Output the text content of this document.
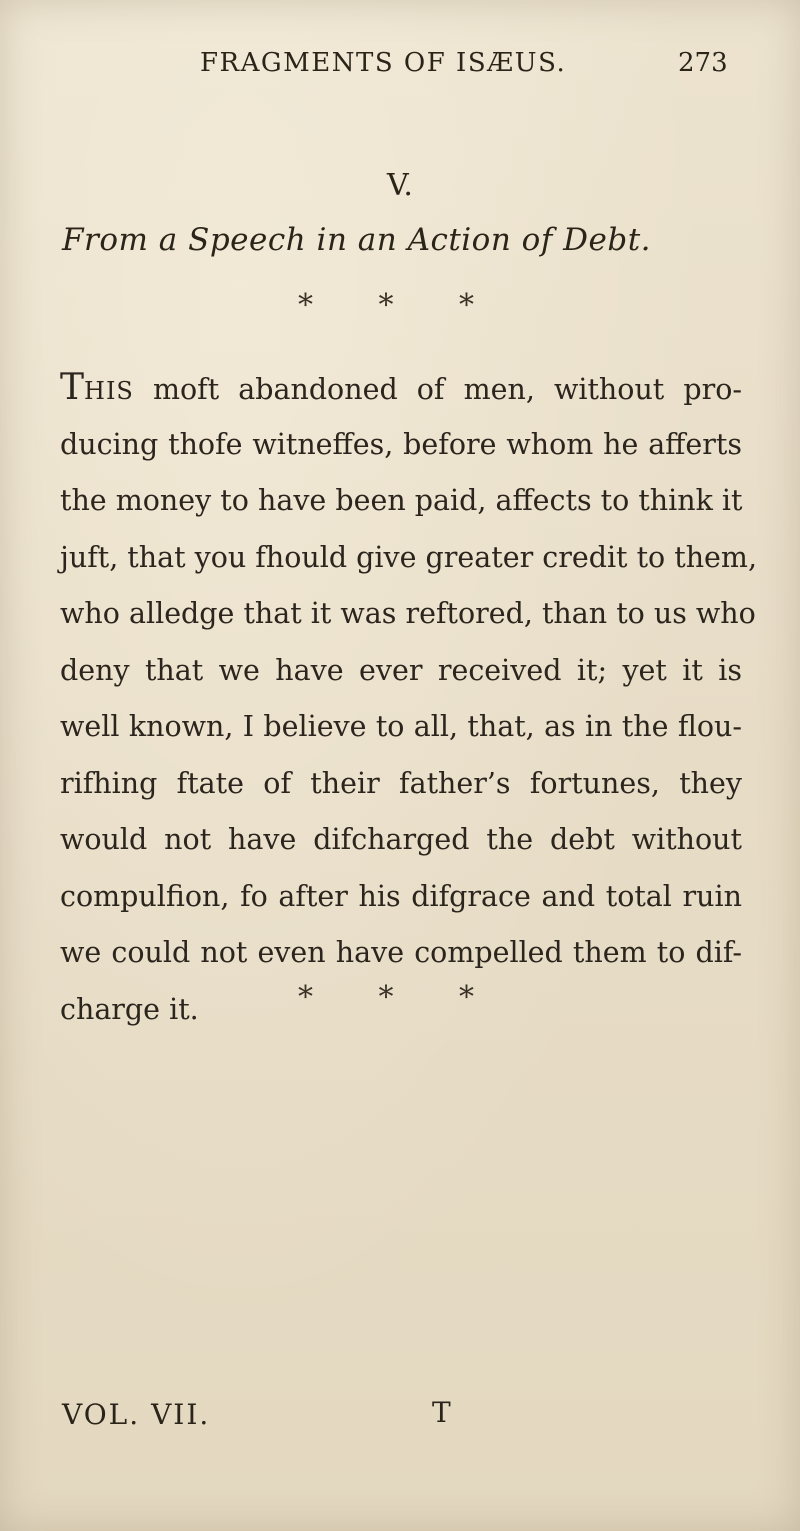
FRAGMENTS OF ISÆUS.	273
V.
From a Speech in an Action of Debt.
* * *
THIS moft abandoned of men, without pro-
ducing thofe witneffes, before whom he afferts
the money to have been paid, affects to think it
juft, that you fhould give greater credit to them,
who alledge that it was reftored, than to us who
deny that we have ever received it; yet it is
well known, I believe to all, that, as in the flou-
rifhing ftate of their father’s fortunes, they
would not have difcharged the debt without
compulfion, fo after his difgrace and total ruin
we could not even have compelled them to dif-
charge it.	* * *
VOL. VII.	T
